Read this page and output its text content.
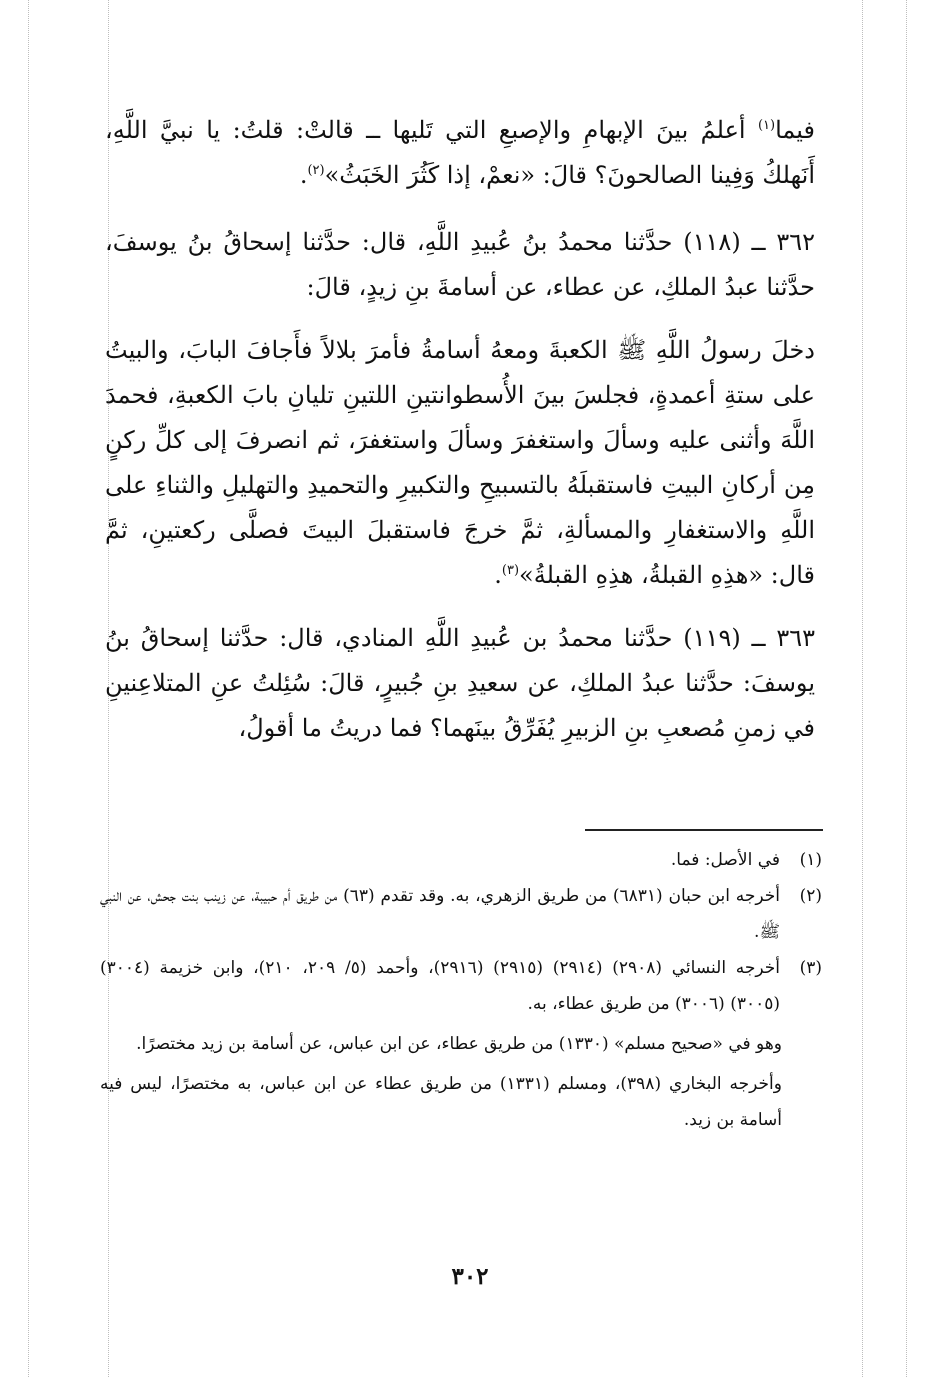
فيما$^{(١)}$ أعلمُ بينَ الإبهامِ والإصبعِ التي تَليها ــ قالتْ: قلتُ: يا نبيَّ اللَّهِ، أَنَهلكُ وَفِينا الصالحونَ؟ قالَ: «نعمْ، إذا كَثُرَ الخَبَثُ»$^{(٢)}$.

٣٦٢ ــ (١١٨) حدَّثنا محمدُ بنُ عُبيدِ اللَّهِ، قال: حدَّثنا إسحاقُ بنُ يوسفَ، حدَّثنا عبدُ الملكِ، عن عطاء، عن أسامةَ بنِ زيدٍ، قالَ:

دخلَ رسولُ اللَّهِ ﷺ الكعبةَ ومعهُ أسامةُ فأمرَ بلالاً فأَجافَ البابَ، والبيتُ على ستةِ أعمدةٍ، فجلسَ بينَ الأُسطوانتينِ اللتينِ تليانِ بابَ الكعبةِ، فحمدَ اللَّهَ وأثنى عليه وسألَ واستغفرَ وسألَ واستغفرَ، ثم انصرفَ إلى كلِّ ركنٍ مِن أركانِ البيتِ فاستقبلَهُ بالتسبيحِ والتكبيرِ والتحميدِ والتهليلِ والثناءِ على اللَّهِ والاستغفارِ والمسألةِ، ثمَّ خرجَ فاستقبلَ البيتَ فصلَّى ركعتينِ، ثمَّ قال: «هذِهِ القبلةُ، هذِهِ القبلةُ»$^{(٣)}$.

٣٦٣ ــ (١١٩) حدَّثنا محمدُ بن عُبيدِ اللَّهِ المنادي، قال: حدَّثنا إسحاقُ بنُ يوسفَ: حدَّثنا عبدُ الملكِ، عن سعيدِ بنِ جُبيرٍ، قالَ: سُئِلتُ عنِ المتلاعِنينِ في زمنِ مُصعبِ بنِ الزبيرِ يُفَرِّقُ بينَهما؟ فما دريتُ ما أقولُ،

(١)
في الأصل: فما.

(٢)
أخرجه ابن حبان (٦٨٣١) من طريق الزهري، به. وقد تقدم (٦٣) من طريق أم حبيبة، عن زينب بنت جحش، عن النبي ﷺ.

(٣)
أخرجه النسائي (٢٩٠٨) (٢٩١٤) (٢٩١٥) (٢٩١٦)، وأحمد (٥/ ٢٠٩، ٢١٠)، وابن خزيمة (٣٠٠٤) (٣٠٠٥) (٣٠٠٦) من طريق عطاء، به.

وهو في «صحيح مسلم» (١٣٣٠) من طريق عطاء، عن ابن عباس، عن أسامة بن زيد مختصرًا.

وأخرجه البخاري (٣٩٨)، ومسلم (١٣٣١) من طريق عطاء عن ابن عباس، به مختصرًا، ليس فيه أسامة بن زيد.

٣٠٢
